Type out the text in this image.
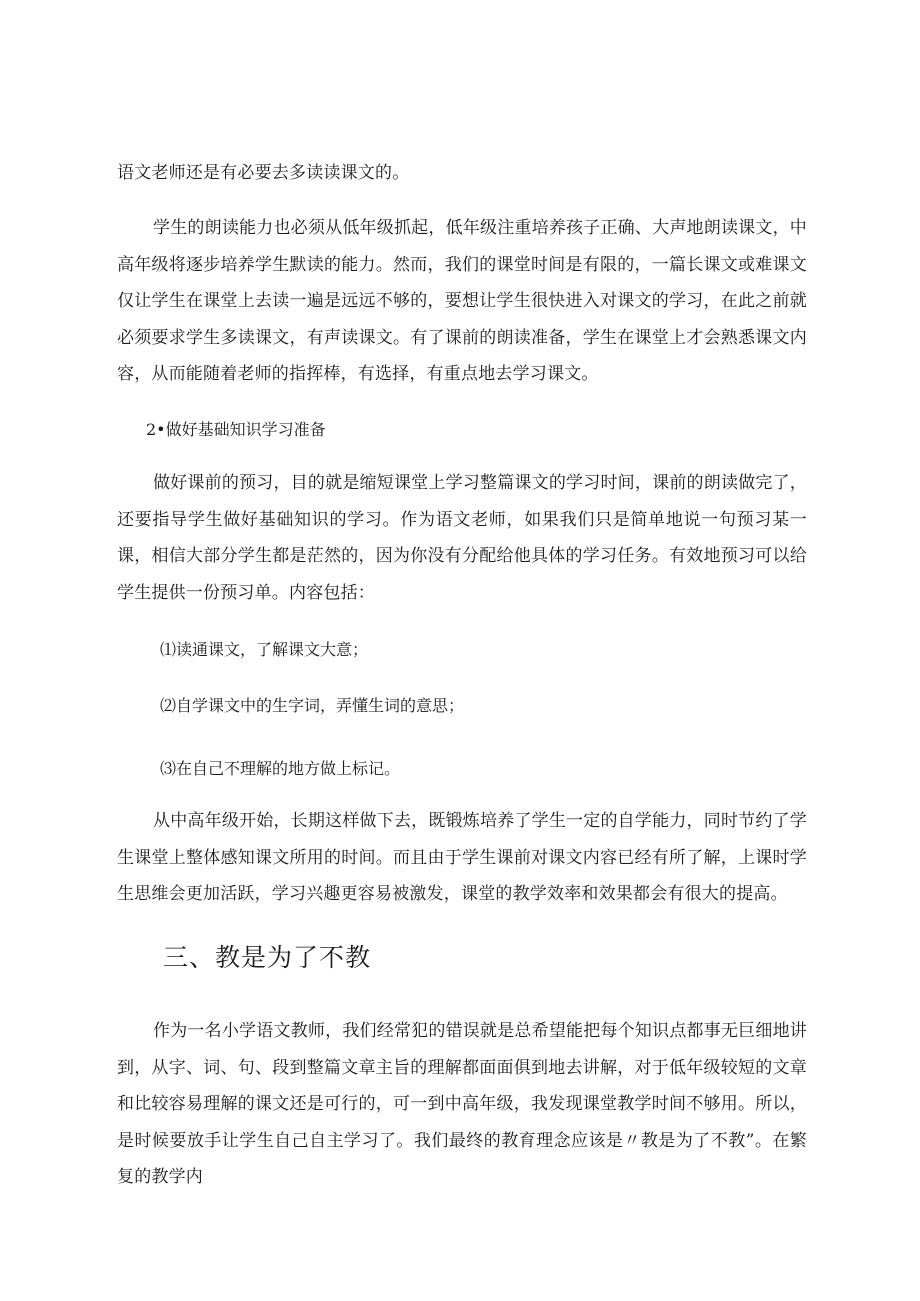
语文老师还是有必要去多读读课文的。

学生的朗读能力也必须从低年级抓起，低年级注重培养孩子正确、大声地朗读课文，中高年级将逐步培养学生默读的能力。然而，我们的课堂时间是有限的，一篇长课文或难课文仅让学生在课堂上去读一遍是远远不够的，要想让学生很快进入对课文的学习，在此之前就必须要求学生多读课文，有声读课文。有了课前的朗读准备，学生在课堂上才会熟悉课文内容，从而能随着老师的指挥棒，有选择，有重点地去学习课文。

2•做好基础知识学习准备

做好课前的预习，目的就是缩短课堂上学习整篇课文的学习时间，课前的朗读做完了，还要指导学生做好基础知识的学习。作为语文老师，如果我们只是简单地说一句预习某一课，相信大部分学生都是茫然的，因为你没有分配给他具体的学习任务。有效地预习可以给学生提供一份预习单。内容包括：

⑴读通课文，了解课文大意；

⑵自学课文中的生字词，弄懂生词的意思；

⑶在自己不理解的地方做上标记。

从中高年级开始，长期这样做下去，既锻炼培养了学生一定的自学能力，同时节约了学生课堂上整体感知课文所用的时间。而且由于学生课前对课文内容已经有所了解，上课时学生思维会更加活跃，学习兴趣更容易被激发，课堂的教学效率和效果都会有很大的提高。

三、教是为了不教

作为一名小学语文教师，我们经常犯的错误就是总希望能把每个知识点都事无巨细地讲到，从字、词、句、段到整篇文章主旨的理解都面面俱到地去讲解，对于低年级较短的文章和比较容易理解的课文还是可行的，可一到中高年级，我发现课堂教学时间不够用。所以，是时候要放手让学生自己自主学习了。我们最终的教育理念应该是〃教是为了不教”。在繁复的教学内
